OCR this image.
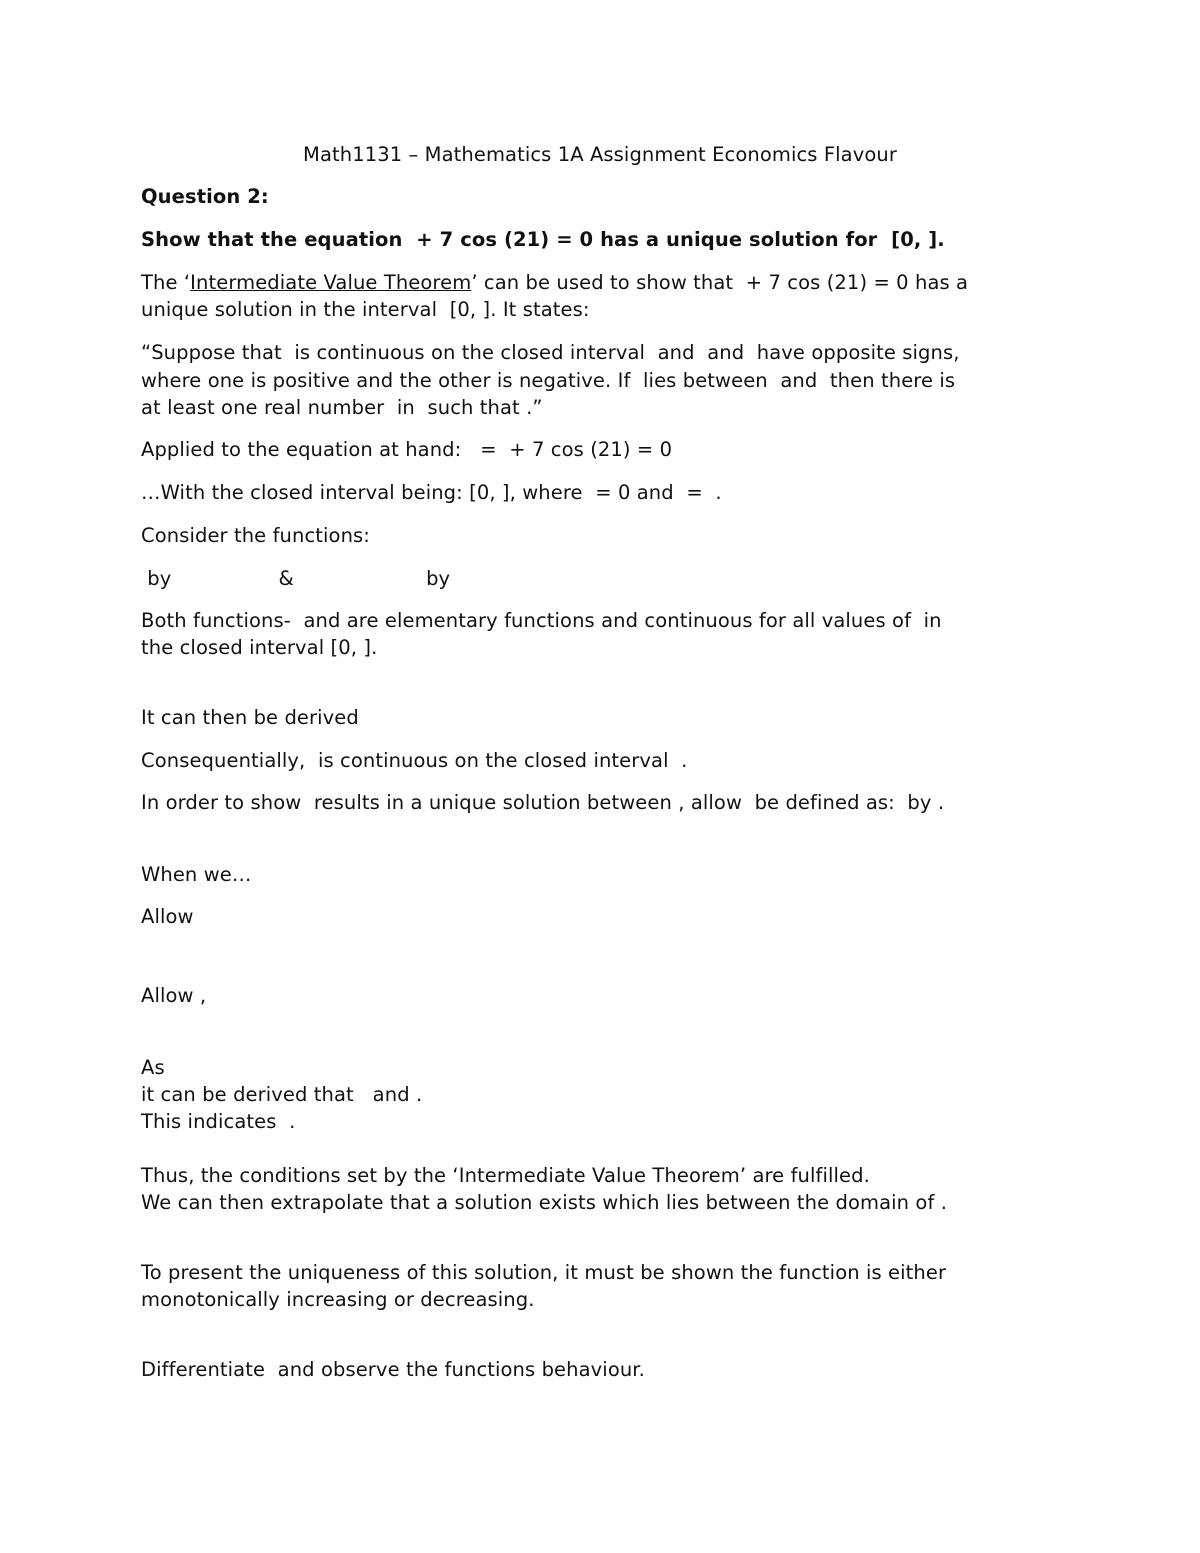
Math1131 – Mathematics 1A Assignment Economics Flavour
Question 2:
Show that the equation  + 7 cos (21) = 0 has a unique solution for  [0, ].
The ‘Intermediate Value Theorem’ can be used to show that  + 7 cos (21) = 0 has a
unique solution in the interval  [0, ]. It states:
“Suppose that  is continuous on the closed interval  and  and  have opposite signs,
where one is positive and the other is negative. If  lies between  and  then there is
at least one real number  in  such that .”
Applied to the equation at hand:   =  + 7 cos (21) = 0
…With the closed interval being: [0, ], where  = 0 and  =  .
Consider the functions:
by                 &                     by
Both functions-  and are elementary functions and continuous for all values of  in
the closed interval [0, ].
It can then be derived
Consequentially,  is continuous on the closed interval  .
In order to show  results in a unique solution between , allow  be defined as:  by .
When we…
Allow
Allow ,
As
it can be derived that   and .
This indicates  .
Thus, the conditions set by the ‘Intermediate Value Theorem’ are fulfilled.
We can then extrapolate that a solution exists which lies between the domain of .
To present the uniqueness of this solution, it must be shown the function is either
monotonically increasing or decreasing.
Differentiate  and observe the functions behaviour.
